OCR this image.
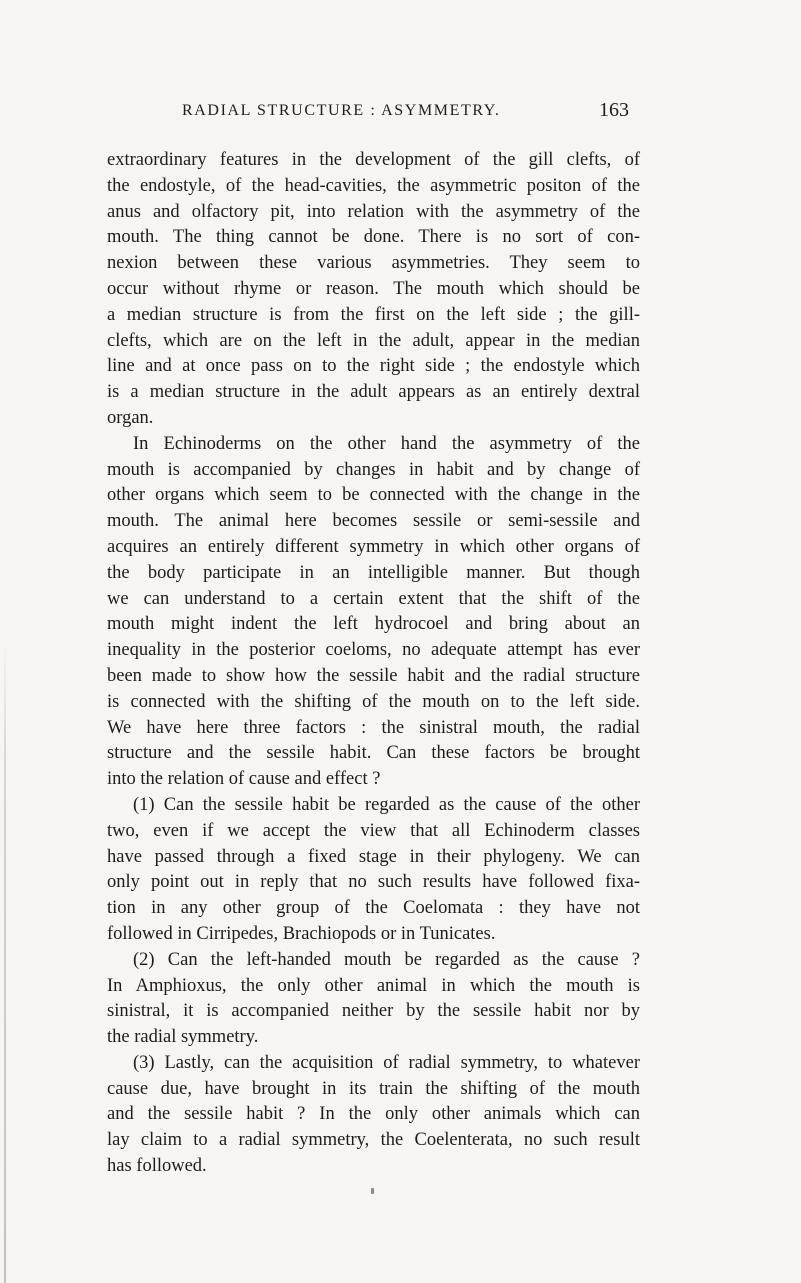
RADIAL STRUCTURE : ASYMMETRY.	163

extraordinary features in the development of the gill clefts, of

the endostyle, of the head-cavities, the asymmetric positon of the

anus and olfactory pit, into relation with the asymmetry of the

mouth. The thing cannot be done. There is no sort of con-

nexion between these various asymmetries. They seem to

occur without rhyme or reason. The mouth which should be

a median structure is from the first on the left side ; the gill-

clefts, which are on the left in the adult, appear in the median

line and at once pass on to the right side ; the endostyle which

is a median structure in the adult appears as an entirely dextral

organ.

In Echinoderms on the other hand the asymmetry of the

mouth is accompanied by changes in habit and by change of

other organs which seem to be connected with the change in the

mouth. The animal here becomes sessile or semi-sessile and

acquires an entirely different symmetry in which other organs of

the body participate in an intelligible manner. But though

we can understand to a certain extent that the shift of the

mouth might indent the left hydrocoel and bring about an

inequality in the posterior coeloms, no adequate attempt has ever

been made to show how the sessile habit and the radial structure

is connected with the shifting of the mouth on to the left side.

We have here three factors : the sinistral mouth, the radial

structure and the sessile habit. Can these factors be brought

into the relation of cause and effect ?

(1) Can the sessile habit be regarded as the cause of the other

two, even if we accept the view that all Echinoderm classes

have passed through a fixed stage in their phylogeny. We can

only point out in reply that no such results have followed fixa-

tion in any other group of the Coelomata : they have not

followed in Cirripedes, Brachiopods or in Tunicates.

(2) Can the left-handed mouth be regarded as the cause ?

In Amphioxus, the only other animal in which the mouth is

sinistral, it is accompanied neither by the sessile habit nor by

the radial symmetry.

(3) Lastly, can the acquisition of radial symmetry, to whatever

cause due, have brought in its train the shifting of the mouth

and the sessile habit ? In the only other animals which can

lay claim to a radial symmetry, the Coelenterata, no such result

has followed.
